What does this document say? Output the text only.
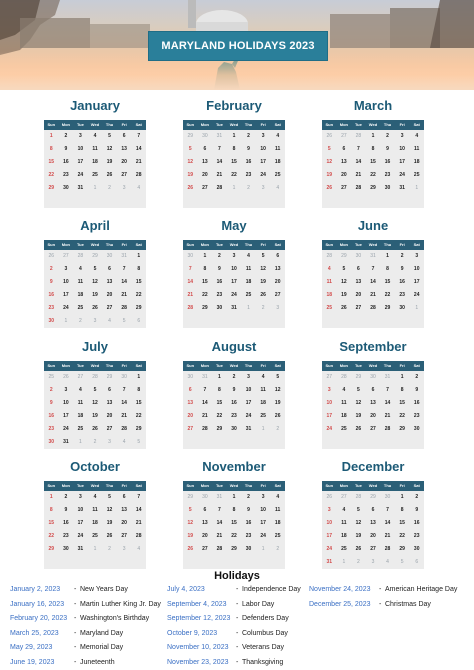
MARYLAND HOLIDAYS 2023
January
Sun	Mon	Tue	Wed	Thu	Fri	Sat
1	2	3	4	5	6	7
8	9	10	11	12	13	14
15	16	17	18	19	20	21
22	23	24	25	26	27	28
29	30	31	1	2	3	4
February
Sun	Mon	Tue	Wed	Thu	Fri	Sat
29	30	31	1	2	3	4
5	6	7	8	9	10	11
12	13	14	15	16	17	18
19	20	21	22	23	24	25
26	27	28	1	2	3	4
March
Sun	Mon	Tue	Wed	Thu	Fri	Sat
26	27	28	1	2	3	4
5	6	7	8	9	10	11
12	13	14	15	16	17	18
19	20	21	22	23	24	25
26	27	28	29	30	31	1
April
Sun	Mon	Tue	Wed	Thu	Fri	Sat
26	27	28	29	30	31	1
2	3	4	5	6	7	8
9	10	11	12	13	14	15
16	17	18	19	20	21	22
23	24	25	26	27	28	29
30	1	2	3	4	5	6
May
Sun	Mon	Tue	Wed	Thu	Fri	Sat
30	1	2	3	4	5	6
7	8	9	10	11	12	13
14	15	16	17	18	19	20
21	22	23	24	25	26	27
28	29	30	31	1	2	3
June
Sun	Mon	Tue	Wed	Thu	Fri	Sat
28	29	30	31	1	2	3
4	5	6	7	8	9	10
11	12	13	14	15	16	17
18	19	20	21	22	23	24
25	26	27	28	29	30	1
July
Sun	Mon	Tue	Wed	Thu	Fri	Sat
25	26	27	28	29	30	1
2	3	4	5	6	7	8
9	10	11	12	13	14	15
16	17	18	19	20	21	22
23	24	25	26	27	28	29
30	31	1	2	3	4	5
August
Sun	Mon	Tue	Wed	Thu	Fri	Sat
30	31	1	2	3	4	5
6	7	8	9	10	11	12
13	14	15	16	17	18	19
20	21	22	23	24	25	26
27	28	29	30	31	1	2
September
Sun	Mon	Tue	Wed	Thu	Fri	Sat
27	28	29	30	31	1	2
3	4	5	6	7	8	9
10	11	12	13	14	15	16
17	18	19	20	21	22	23
24	25	26	27	28	29	30
October
Sun	Mon	Tue	Wed	Thu	Fri	Sat
1	2	3	4	5	6	7
8	9	10	11	12	13	14
15	16	17	18	19	20	21
22	23	24	25	26	27	28
29	30	31	1	2	3	4
November
Sun	Mon	Tue	Wed	Thu	Fri	Sat
29	30	31	1	2	3	4
5	6	7	8	9	10	11
12	13	14	15	16	17	18
19	20	21	22	23	24	25
26	27	28	29	30	1	2
December
Sun	Mon	Tue	Wed	Thu	Fri	Sat
26	27	28	29	30	1	2
3	4	5	6	7	8	9
10	11	12	13	14	15	16
17	18	19	20	21	22	23
24	25	26	27	28	29	30
31	1	2	3	4	5	6
Holidays
January 2, 2023 - New Years Day
January 16, 2023 - Martin Luther King Jr. Day
February 20, 2023 - Washington's Birthday
March 25, 2023 - Maryland Day
May 29, 2023	- Memorial Day
June 19, 2023	- Juneteenth
July 4, 2023	- Independence Day
September 4, 2023 - Labor Day
September 12, 2023 - Defenders Day
October 9, 2023	- Columbus Day
November 10, 2023 - Veterans Day
November 23, 2023 - Thanksgiving
November 24, 2023 - American Heritage Day
December 25, 2023 - Christmas Day
